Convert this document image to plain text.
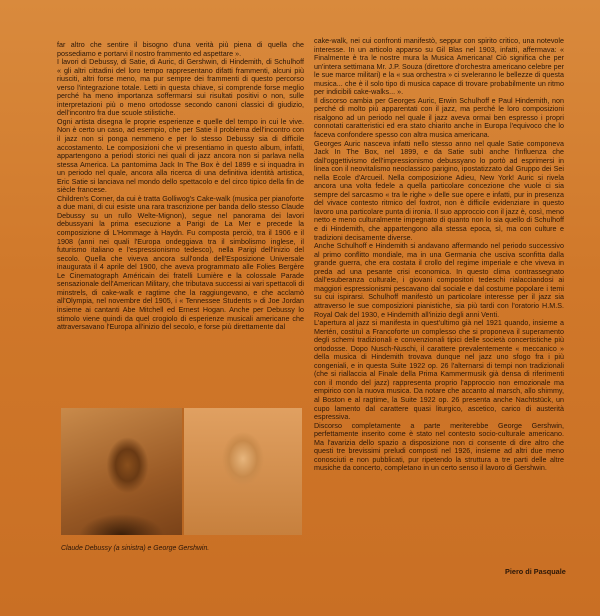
far altro che sentire il bisogno d'una verità più piena di quella che possediamo e portarvi il nostro frammento ed aspettare ».

I lavori di Debussy, di Satie, di Auric, di Gershwin, di Hindemith, di Schulhoff « gli altri cittadini del loro tempo rappresentano difatti frammenti, alcuni più riusciti, altri forse meno, ma pur sempre dei frammenti di questo percorso verso l'integrazione totale. Letti in questa chiave, si comprende forse meglio perché ha meno importanza soffermarsi sui risultati positivi o non, sulle interpretazioni più o meno ortodosse secondo canoni classici di giudizio, dell'incontro fra due scuole stilistiche.

Ogni artista disegna le proprie esperienze e quelle del tempo in cui le vive. Non è certo un caso, ad esempio, che per Satie il problema dell'incontro con il jazz non si ponga nemmeno e per lo stesso Debussy sia di difficile accostamento. Le composizioni che vi presentiamo in questo album, infatti, appartengono a periodi storici nei quali di jazz ancora non si parlava nella stessa America. La pantomima Jack In The Box è del 1899 e si inquadra in un periodo nel quale, ancora alla ricerca di una definitiva identità artistica, Eric Satie si lanciava nel mondo dello spettacolo e del circo tipico della fin de siècle francese.

Children's Corner, da cui è tratta Golliwog's Cake-walk (musica per pianoforte a due mani, di cui esiste una rara trascrizione per banda dello stesso Claude Debussy su un rullo Welte-Mignon), segue nel panorama dei lavori debussyani la prima esecuzione a Parigi de La Mer e precede la composizione di L'Hommage à Haydn. Fu composta perciò, tra il 1906 e il 1908 (anni nei quali l'Europa ondeggiava tra il simbolismo inglese, il futurismo italiano e l'espressionismo tedesco), nella Parigi dell'inizio del secolo. Quella che viveva ancora sull'onda dell'Esposizione Universale inaugurata il 4 aprile del 1900, che aveva programmato alle Folies Bergère Le Cinematograph Américain dei fratelli Lumière e la colossale Parade sensazionale dell'American Military, che tributava successi ai vari spettacoli di minstrels, di cake-walk e ragtime che la raggiungevano, e che acclamò all'Olympia, nel novembre del 1905, i « Tennessee Students » di Joe Jordan insieme ai cantanti Abe Mitchell ed Ernest Hogan. Anche per Debussy lo stimolo viene quindi da quel crogiolo di esperienze musicali americane che attraversavano l'Europa all'inizio del secolo, e forse più direttamente dal

Claude Debussy (a sinistra) e George Gershwin.

cake-walk, nei cui confronti manifestò, seppur con spirito critico, una notevole interesse. In un articolo apparso su Gil Blas nel 1903, infatti, affermava: « Finalmente è tra le nostre mura la Musica Americana! Ciò significa che per un'intera settimana Mr. J.P. Souza (direttore d'orchestra americano celebre per le sue marce militari) e la « sua orchestra » ci sveleranno le bellezze di questa musica... che è il solo tipo di musica capace di trovare probabilmente un ritmo per indicibili cake-walks... ».

Il discorso cambia per Georges Auric, Erwin Schulhoff e Paul Hindemith, non perché di molto più apparentati con il jazz, ma perché le loro composizioni risalgono ad un periodo nel quale il jazz aveva ormai ben espresso i propri connotati caratteristici ed era stato chiarito anche in Europa l'equivoco che lo faceva confondere spesso con altra musica americana.

Georges Auric nasceva infatti nello stesso anno nel quale Satie componeva Jack In The Box, nel 1899, e da Satie subì anche l'influenza che dall'oggettivismo dell'impressionismo debussyano lo portò ad esprimersi in linea con il neovitalismo neoclassico parigino, ipostatizzato dal Gruppo dei Sei nella Ecole d'Arcueil. Nella composizione Adieu, New York! Auric si rivela ancora una volta fedele a quella particolare concezione che vuole ci sia sempre del sarcasmo « tra le righe » delle sue opere e infatti, pur in presenza del vivace contesto ritmico del foxtrot, non è difficile evidenziare in questo lavoro una particolare punta di ironia. Il suo approccio con il jazz è, così, meno netto e meno culturalmente impegnato di quanto non lo sia quello di Schulhoff e di Hindemith, che appartengono alla stessa epoca, sì, ma con culture e tradizioni decisamente diverse.

Anche Schulhoff e Hindemith si andavano affermando nel periodo successivo al primo conflitto mondiale, ma in una Germania che usciva sconfitta dalla grande guerra, che era costata il crollo del regime imperiale e che viveva in preda ad una pesante crisi economica. In questo clima contrassegnato dall'esuberanza culturale, i giovani compositori tedeschi rialacciandosi ai maggiori espressionismi pescavano dal sociale e dal costume popolare i temi su cui ispirarsi. Schulhoff manifestò un particolare interesse per il jazz sia attraverso le sue composizioni pianistiche, sia più tardi con l'oratorio H.M.S. Royal Oak del 1930, e Hindemith all'inizio degli anni Venti.

L'apertura al jazz si manifesta in quest'ultimo già nel 1921 quando, insieme a Mertén, costituì a Francoforte un complesso che si proponeva il superamento degli schemi tradizionali e convenzionali tipici delle società concertistiche più ortodosse. Dopo Nusch-Nuschi, il carattere prevalentemente « meccanico » della musica di Hindemith trovava dunque nel jazz uno sfogo fra i più congeniali, e in questa Suite 1922 op. 26 l'alternarsi di tempi non tradizionali (che si riallaccia al Finale della Prima Kammermusik già densa di riferimenti con il mondo del jazz) rappresenta proprio l'approccio non emozionale ma empirico con la nuova musica. Da notare che accanto al marsch, allo shimmy, al Boston e al ragtime, la Suite 1922 op. 26 presenta anche Nachtstück, un cupo lamento dal carattere quasi liturgico, ascetico, carico di austerità espressiva.

Discorso completamente a parte meriterebbe George Gershwin, perfettamente inserito come è stato nel contesto socio-culturale americano. Ma l'avarizia dello spazio a disposizione non ci consente di dire altro che questi tre brevissimi preludi composti nel 1926, insieme ad altri due meno conosciuti e non pubblicati, pur ripetendo la struttura a tre parti delle altre musiche da concerto, completano in un certo senso il lavoro di Gershwin.

Piero di Pasquale
